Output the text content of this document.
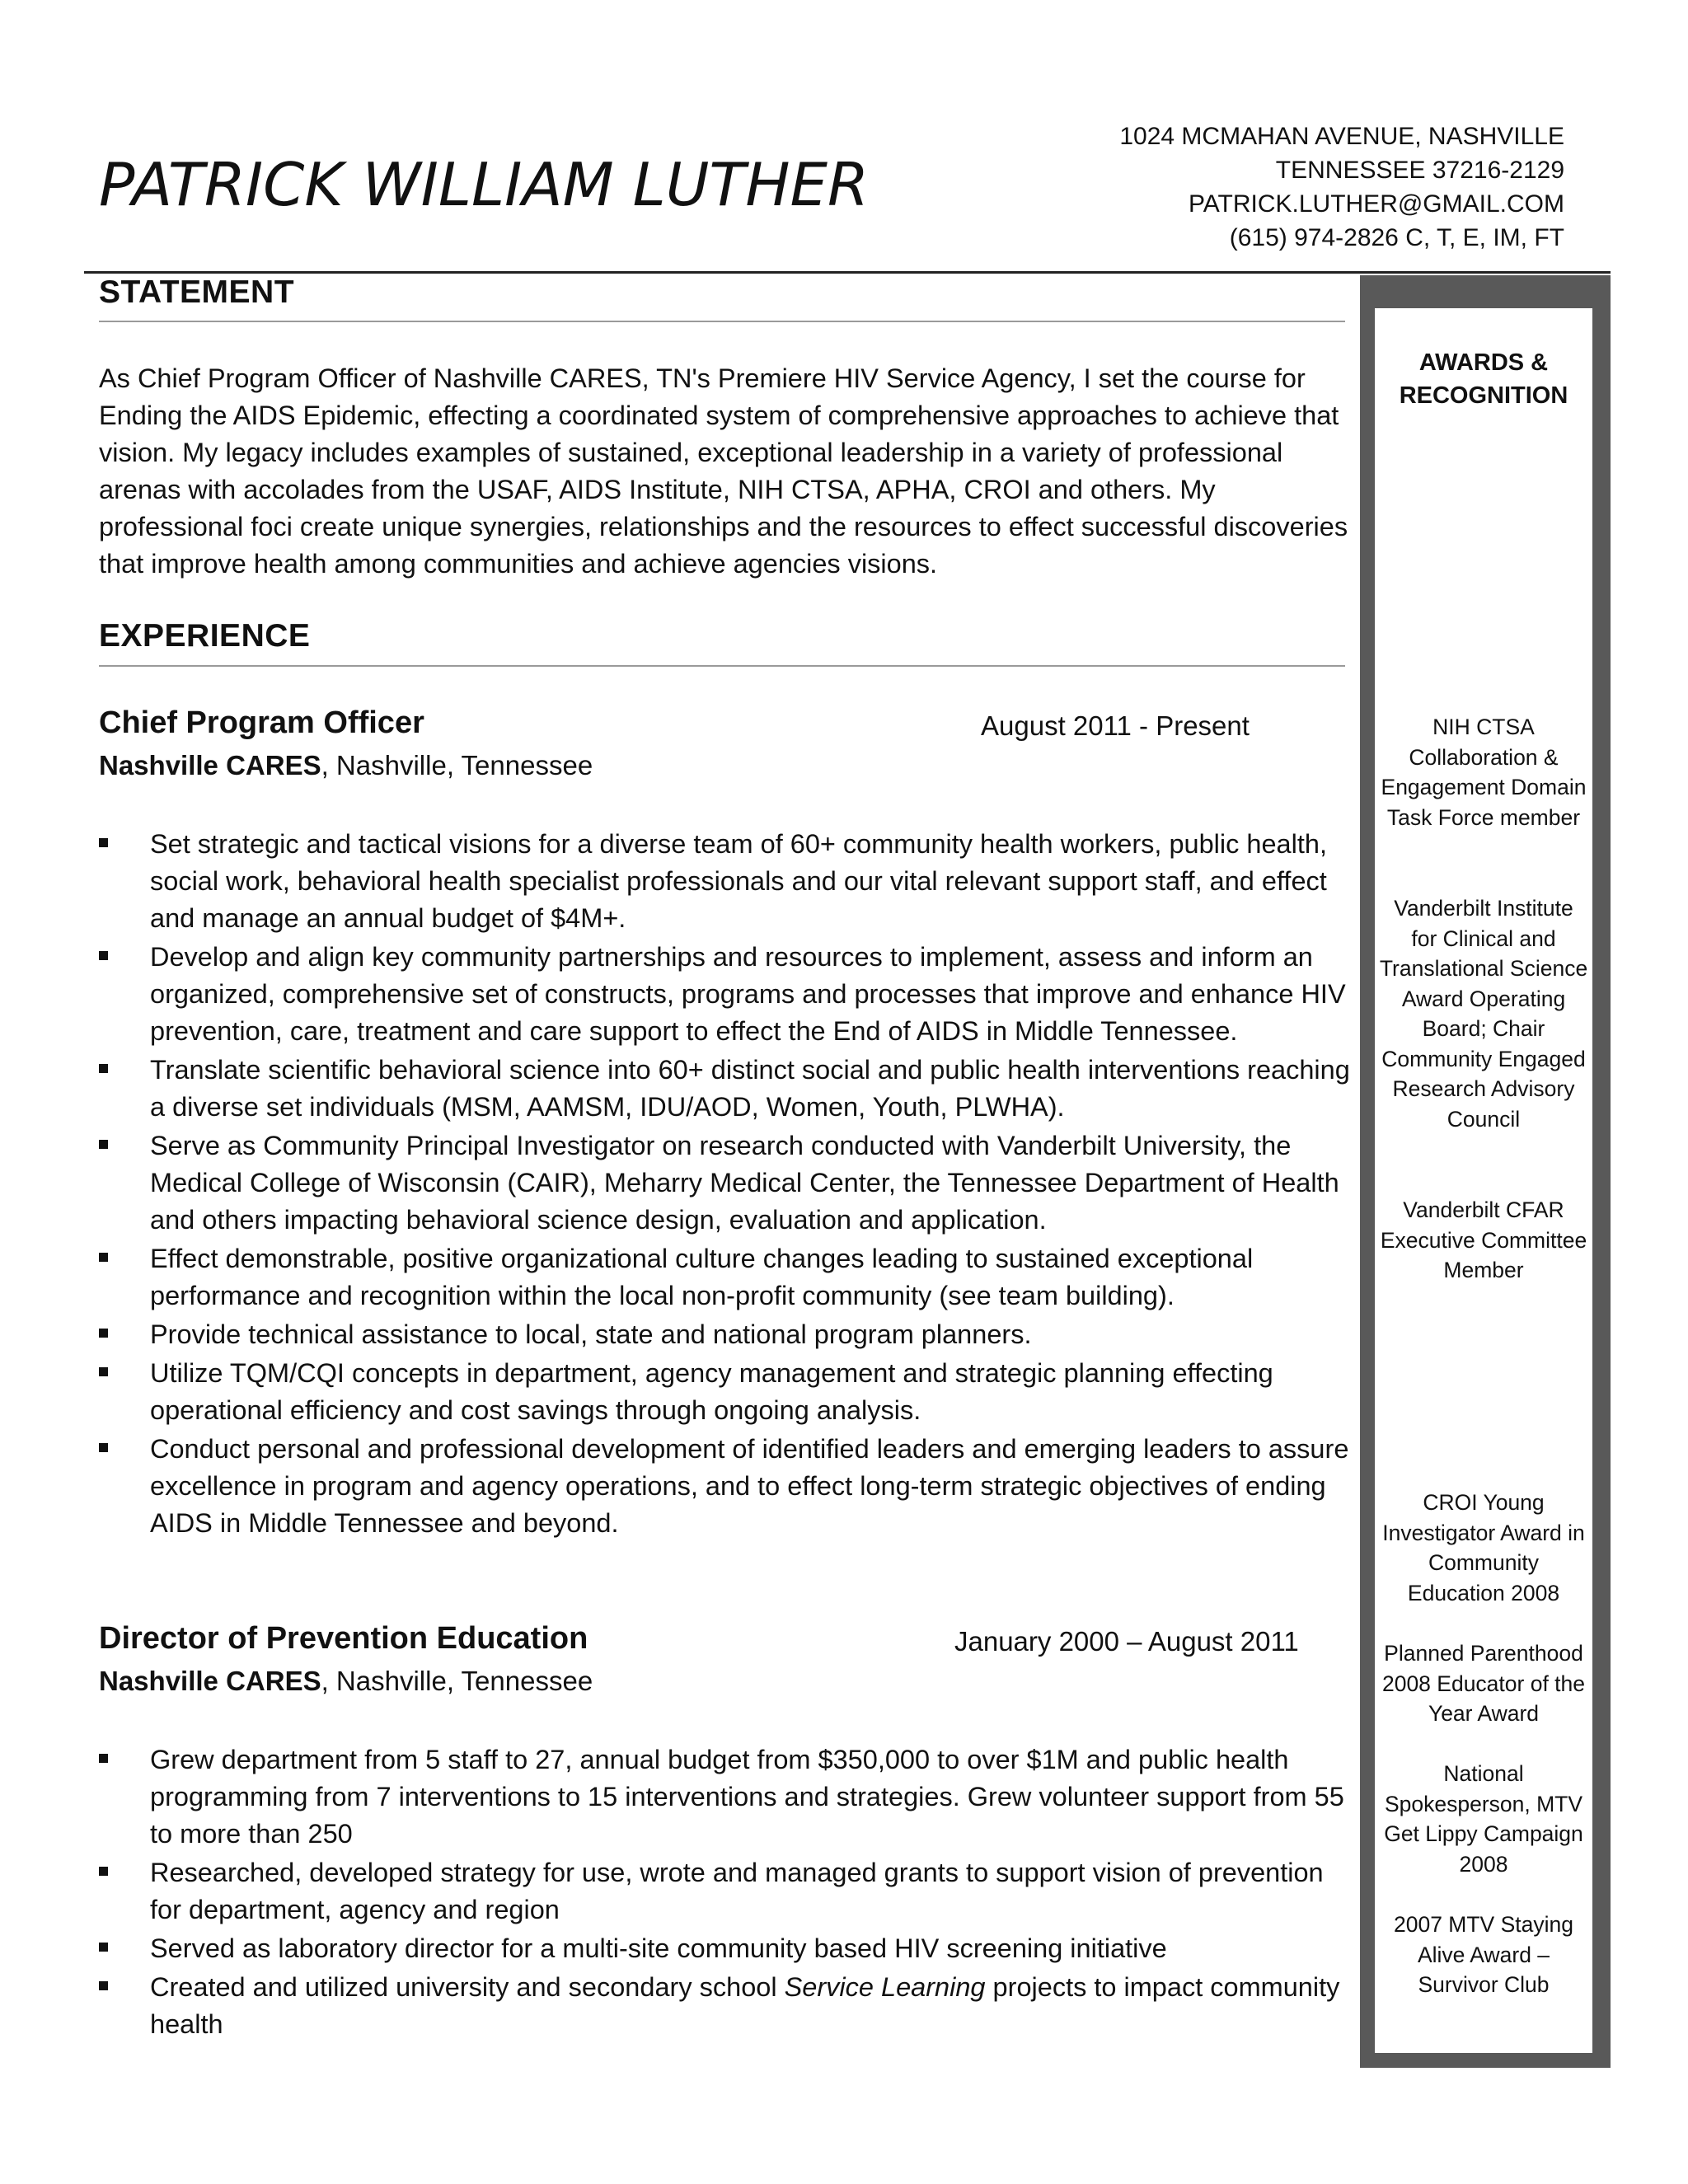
PATRICK WILLIAM LUTHER
1024 MCMAHAN AVENUE, NASHVILLE
TENNESSEE 37216-2129
PATRICK.LUTHER@GMAIL.COM
(615) 974-2826 C, T, E, IM, FT
STATEMENT

As Chief Program Officer of Nashville CARES, TN's Premiere HIV Service Agency, I set the course for Ending the AIDS Epidemic, effecting a coordinated system of comprehensive approaches to achieve that vision. My legacy includes examples of sustained, exceptional leadership in a variety of professional arenas with accolades from the USAF, AIDS Institute, NIH CTSA, APHA, CROI and others. My professional foci create unique synergies, relationships and the resources to effect successful discoveries that improve health among communities and achieve agencies visions.

EXPERIENCE
Chief Program Officer	August 2011 - Present
Nashville CARES, Nashville, Tennessee
Set strategic and tactical visions for a diverse team of 60+ community health workers, public health, social work, behavioral health specialist professionals and our vital relevant support staff, and effect and manage an annual budget of $4M+.
Develop and align key community partnerships and resources to implement, assess and inform an organized, comprehensive set of constructs, programs and processes that improve and enhance HIV prevention, care, treatment and care support to effect the End of AIDS in Middle Tennessee.
Translate scientific behavioral science into 60+ distinct social and public health interventions reaching a diverse set individuals (MSM, AAMSM, IDU/AOD, Women, Youth, PLWHA).
Serve as Community Principal Investigator on research conducted with Vanderbilt University, the Medical College of Wisconsin (CAIR), Meharry Medical Center, the Tennessee Department of Health and others impacting behavioral science design, evaluation and application.
Effect demonstrable, positive organizational culture changes leading to sustained exceptional performance and recognition within the local non-profit community (see team building).
Provide technical assistance to local, state and national program planners.
Utilize TQM/CQI concepts in department, agency management and strategic planning effecting operational efficiency and cost savings through ongoing analysis.
Conduct personal and professional development of identified leaders and emerging leaders to assure excellence in program and agency operations, and to effect long-term strategic objectives of ending AIDS in Middle Tennessee and beyond.
Director of Prevention Education	January 2000 – August 2011
Nashville CARES, Nashville, Tennessee
Grew department from 5 staff to 27, annual budget from $350,000 to over $1M and public health programming from 7 interventions to 15 interventions and strategies. Grew volunteer support from 55 to more than 250
Researched, developed strategy for use, wrote and managed grants to support vision of prevention for department, agency and region
Served as laboratory director for a multi-site community based HIV screening initiative
Created and utilized university and secondary school Service Learning projects to impact community health
AWARDS &
RECOGNITION
NIH CTSA
Collaboration &
Engagement Domain
Task Force member
Vanderbilt Institute
for Clinical and
Translational Science
Award Operating
Board; Chair
Community Engaged
Research Advisory
Council
Vanderbilt CFAR
Executive Committee
Member
CROI Young
Investigator Award in
Community
Education 2008
Planned Parenthood
2008 Educator of the
Year Award
National
Spokesperson, MTV
Get Lippy Campaign
2008
2007 MTV Staying
Alive Award –
Survivor Club
